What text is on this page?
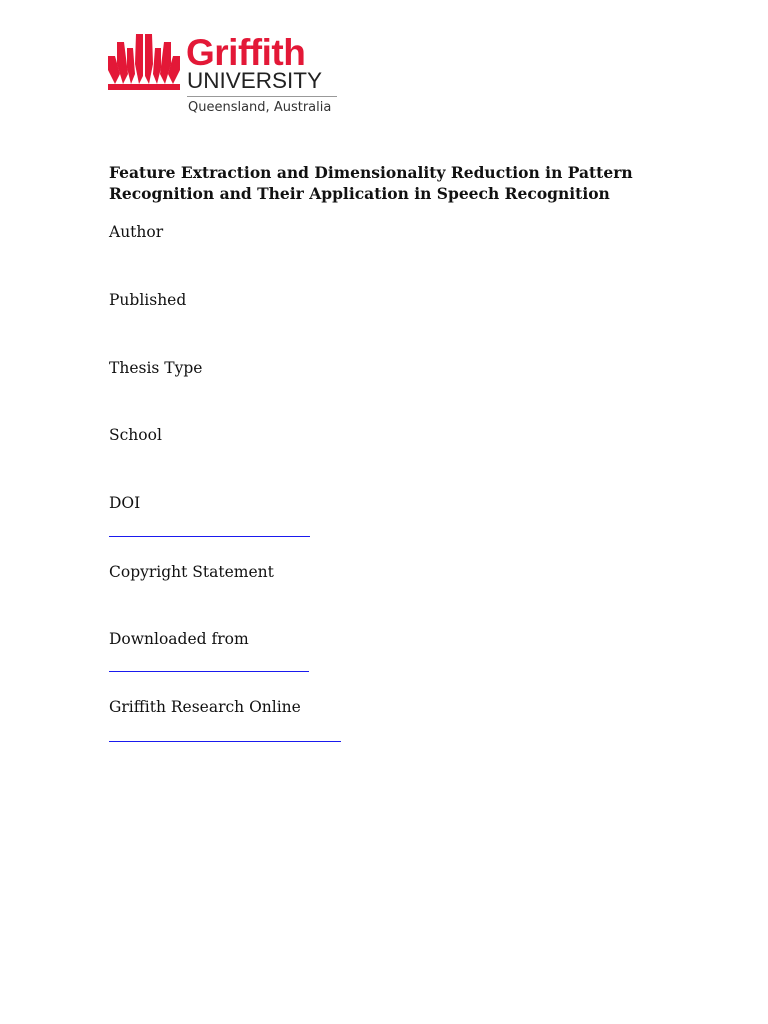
Griffith
UNIVERSITY
Queensland, Australia
Feature Extraction and Dimensionality Reduction in Pattern Recognition and Their Application in Speech Recognition

Author

Published

Thesis Type

School

DOI

Copyright Statement

Downloaded from

Griffith Research Online
